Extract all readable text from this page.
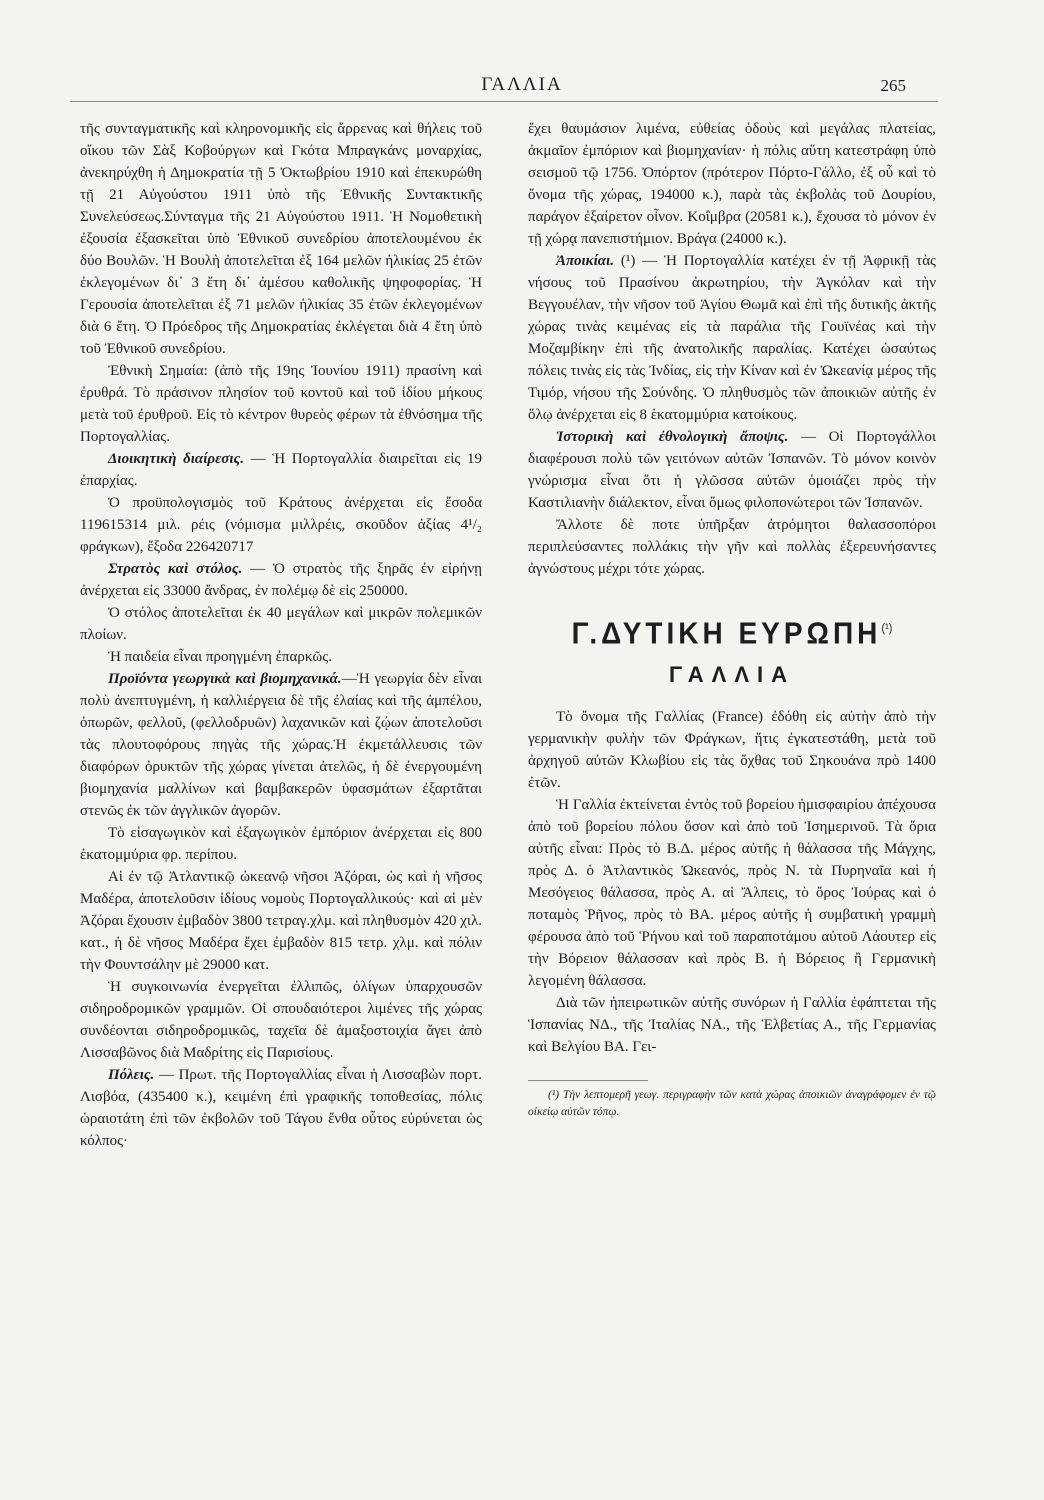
ΓΑΛΛΙΑ	265

τῆς συνταγματικῆς καὶ κληρονομικῆς εἰς ἄρρενας καὶ θήλεις τοῦ οἴκου τῶν Σὰξ Κοβούργων καὶ Γκότα Μπραγκάνς μοναρχίας, ἀνεκηρύχθη ἡ Δημοκρατία τῇ 5 Ὀκτωβρίου 1910 καὶ ἐπεκυρώθη τῇ 21 Αὐγούστου 1911 ὑπὸ τῆς Ἐθνικῆς Συντακτικῆς Συνελεύσεως.Σύνταγμα τῆς 21 Αὐγούστου 1911. Ἡ Νομοθετικὴ ἐξουσία ἐξασκεῖται ὑπὸ Ἐθνικοῦ συνεδρίου ἀποτελουμένου ἐκ δύο Βουλῶν. Ἡ Βουλὴ ἀποτελεῖται ἐξ 164 μελῶν ἡλικίας 25 ἐτῶν ἐκλεγομένων δι᾽ 3 ἔτη δι᾽ ἀμέσου καθολικῆς ψηφοφορίας. Ἡ Γερουσία ἀποτελεῖται ἐξ 71 μελῶν ἡλικίας 35 ἐτῶν ἐκλεγομένων διὰ 6 ἔτη. Ὁ Πρόεδρος τῆς Δημοκρατίας ἐκλέγεται διὰ 4 ἔτη ὑπὸ τοῦ Ἐθνικοῦ συνεδρίου.

Ἐθνικὴ Σημαία: (ἀπὸ τῆς 19ης Ἰουνίου 1911) πρασίνη καὶ ἐρυθρά. Τὸ πράσινον πλησίον τοῦ κοντοῦ καὶ τοῦ ἰδίου μήκους μετὰ τοῦ ἐρυθροῦ. Εἰς τὸ κέντρον θυρεὸς φέρων τὰ ἐθνόσημα τῆς Πορτογαλλίας.

Διοικητικὴ διαίρεσις. — Ἡ Πορτογαλλία διαιρεῖται εἰς 19 ἐπαρχίας.

Ὁ προϋπολογισμὸς τοῦ Κράτους ἀνέρχεται εἰς ἔσοδα 119615314 μιλ. ρέις (νόμισμα μιλλρέις, σκοῦδον ἀξίας 4¹/₂ φράγκων), ἔξοδα 226420717

Στρατὸς καὶ στόλος. — Ὁ στρατὸς τῆς ξηρᾶς ἐν εἰρήνῃ ἀνέρχεται εἰς 33000 ἄνδρας, ἐν πολέμῳ δὲ εἰς 250000.

Ὁ στόλος ἀποτελεῖται ἐκ 40 μεγάλων καὶ μικρῶν πολεμικῶν πλοίων.

Ἡ παιδεία εἶναι προηγμένη ἐπαρκῶς.

Προϊόντα γεωργικὰ καὶ βιομηχανικά.—Ἡ γεωργία δὲν εἶναι πολὺ ἀνεπτυγμένη, ἡ καλλιέργεια δὲ τῆς ἐλαίας καὶ τῆς ἀμπέλου, ὀπωρῶν, φελλοῦ, (φελλοδρυῶν) λαχανικῶν καὶ ζῴων ἀποτελοῦσι τὰς πλουτοφόρους πηγὰς τῆς χώρας.Ἡ ἐκμετάλλευσις τῶν διαφόρων ὀρυκτῶν τῆς χώρας γίνεται ἀτελῶς, ἡ δὲ ἐνεργουμένη βιομηχανία μαλλίνων καὶ βαμβακερῶν ὑφασμάτων ἐξαρτᾶται στενῶς ἐκ τῶν ἀγγλικῶν ἀγορῶν.

Τὸ εἰσαγωγικὸν καὶ ἐξαγωγικὸν ἐμπόριον ἀνέρχεται εἰς 800 ἑκατομμύρια φρ. περίπου.

Αἱ ἐν τῷ Ἀτλαντικῷ ὠκεανῷ νῆσοι Ἀζόραι, ὡς καὶ ἡ νῆσος Μαδέρα, ἀποτελοῦσιν ἰδίους νομοὺς Πορτογαλλικούς· καὶ αἱ μὲν Ἀζόραι ἔχουσιν ἐμβαδὸν 3800 τετραγ.χλμ. καὶ πληθυσμὸν 420 χιλ. κατ., ἡ δὲ νῆσος Μαδέρα ἔχει ἐμβαδὸν 815 τετρ. χλμ. καὶ πόλιν τὴν Φουντσάλην μὲ 29000 κατ.

Ἡ συγκοινωνία ἐνεργεῖται ἐλλιπῶς, ὀλίγων ὑπαρχουσῶν σιδηροδρομικῶν γραμμῶν. Οἱ σπουδαιότεροι λιμένες τῆς χώρας συνδέονται σιδηροδρομικῶς, ταχεῖα δὲ ἁμαξοστοιχία ἄγει ἀπὸ Λισσαβῶνος διὰ Μαδρίτης εἰς Παρισίους.

Πόλεις. — Πρωτ. τῆς Πορτογαλλίας εἶναι ἡ Λισσαβὼν πορτ. Λισβόα, (435400 κ.), κειμένη ἐπὶ γραφικῆς τοποθεσίας, πόλις ὡραιοτάτη ἐπὶ τῶν ἐκβολῶν τοῦ Τάγου ἔνθα οὗτος εὐρύνεται ὡς κόλπος·

ἔχει θαυμάσιον λιμένα, εὐθείας ὁδοὺς καὶ μεγάλας πλατείας, ἀκμαῖον ἐμπόριον καὶ βιομηχανίαν· ἡ πόλις αὕτη κατεστράφη ὑπὸ σεισμοῦ τῷ 1756. Ὀπόρτον (πρότερον Πόρτο-Γάλλο, ἐξ οὗ καὶ τὸ ὄνομα τῆς χώρας, 194000 κ.), παρὰ τὰς ἐκβολὰς τοῦ Δουρίου, παράγον ἐξαίρετον οἶνον. Κοΐμβρα (20581 κ.), ἔχουσα τὸ μόνον ἐν τῇ χώρᾳ πανεπιστήμιον. Βράγα (24000 κ.).

Ἀποικίαι. (¹) — Ἡ Πορτογαλλία κατέχει ἐν τῇ Ἀφρικῇ τὰς νήσους τοῦ Πρασίνου ἀκρωτηρίου, τὴν Ἀγκόλαν καὶ τὴν Βεγγουέλαν, τὴν νῆσον τοῦ Ἁγίου Θωμᾶ καὶ ἐπὶ τῆς δυτικῆς ἀκτῆς χώρας τινὰς κειμένας εἰς τὰ παράλια τῆς Γουϊνέας καὶ τὴν Μοζαμβίκην ἐπὶ τῆς ἀνατολικῆς παραλίας. Κατέχει ὡσαύτως πόλεις τινὰς εἰς τὰς Ἰνδίας, εἰς τὴν Κίναν καὶ ἐν Ὠκεανίᾳ μέρος τῆς Τιμόρ, νήσου τῆς Σούνδης. Ὁ πληθυσμὸς τῶν ἀποικιῶν αὐτῆς ἐν ὅλῳ ἀνέρχεται εἰς 8 ἑκατομμύρια κατοίκους.

Ἱστορικὴ καὶ ἐθνολογικὴ ἄποψις. — Οἱ Πορτογάλλοι διαφέρουσι πολὺ τῶν γειτόνων αὐτῶν Ἰσπανῶν. Τὸ μόνον κοινὸν γνώρισμα εἶναι ὅτι ἡ γλῶσσα αὐτῶν ὁμοιάζει πρὸς τὴν Καστιλιανὴν διάλεκτον, εἶναι ὅμως φιλοπονώτεροι τῶν Ἰσπανῶν.

Ἄλλοτε δὲ ποτε ὑπῆρξαν ἀτρόμητοι θαλασσοπόροι περιπλεύσαντες πολλάκις τὴν γῆν καὶ πολλὰς ἐξερευνήσαντες ἀγνώστους μέχρι τότε χώρας.

Γ.ΔΥΤΙΚΗ $E\Upsilon P\Omega\Pi H^{(^1)}$
ΓΑΛΛΙΑ

Τὸ ὄνομα τῆς Γαλλίας (France) ἐδόθη εἰς αὐτὴν ἀπὸ τὴν γερμανικὴν φυλὴν τῶν Φράγκων, ἥτις ἐγκατεστάθη, μετὰ τοῦ ἀρχηγοῦ αὐτῶν Κλωβίου εἰς τὰς ὄχθας τοῦ Σηκουάνα πρὸ 1400 ἐτῶν.

Ἡ Γαλλία ἐκτείνεται ἐντὸς τοῦ βορείου ἡμισφαιρίου ἀπέχουσα ἀπὸ τοῦ βορείου πόλου ὅσον καὶ ἀπὸ τοῦ Ἰσημερινοῦ. Τὰ ὅρια αὐτῆς εἶναι: Πρὸς τὸ Β.Δ. μέρος αὐτῆς ἡ θάλασσα τῆς Μάγχης, πρὸς Δ. ὁ Ἀτλαντικὸς Ὠκεανός, πρὸς Ν. τὰ Πυρηναῖα καὶ ἡ Μεσόγειος θάλασσα, πρὸς Α. αἱ Ἄλπεις, τὸ ὄρος Ἰούρας καὶ ὁ ποταμὸς Ῥῆνος, πρὸς τὸ ΒΑ. μέρος αὐτῆς ἡ συμβατικὴ γραμμὴ φέρουσα ἀπὸ τοῦ Ῥήνου καὶ τοῦ παραποτάμου αὐτοῦ Λάουτερ εἰς τὴν Βόρειον θάλασσαν καὶ πρὸς Β. ἡ Βόρειος ἢ Γερμανικὴ λεγομένη θάλασσα.

Διὰ τῶν ἠπειρωτικῶν αὐτῆς συνόρων ἡ Γαλλία ἐφάπτεται τῆς Ἱσπανίας ΝΔ., τῆς Ἰταλίας ΝΑ., τῆς Ἑλβετίας Α., τῆς Γερμανίας καὶ Βελγίου ΒΑ. Γει-

(¹) Τὴν λεπτομερῆ γεωγ. περιγραφὴν τῶν κατὰ χώρας ἀποικιῶν ἀναγράφομεν ἐν τῷ οἰκείῳ αὐτῶν τόπῳ.
